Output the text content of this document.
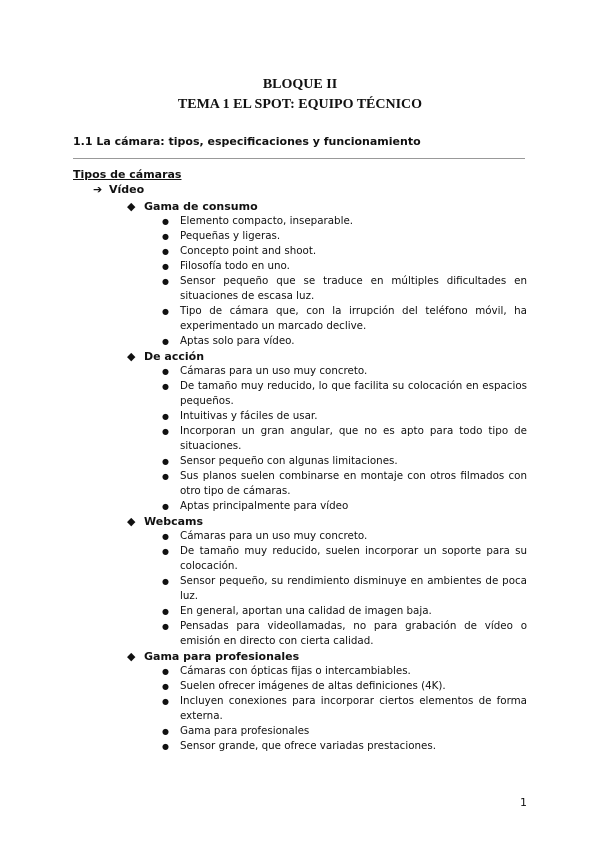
BLOQUE II
TEMA 1 EL SPOT: EQUIPO TÉCNICO
1.1 La cámara: tipos, especificaciones y funcionamiento
Tipos de cámaras
➔ Vídeo
◆ Gama de consumo
● Elemento compacto, inseparable.
● Pequeñas y ligeras.
● Concepto point and shoot.
● Filosofía todo en uno.
● Sensor pequeño que se traduce en múltiples dificultades en situaciones de escasa luz.
● Tipo de cámara que, con la irrupción del teléfono móvil, ha experimentado un marcado declive.
● Aptas solo para vídeo.
◆ De acción
● Cámaras para un uso muy concreto.
● De tamaño muy reducido, lo que facilita su colocación en espacios pequeños.
● Intuitivas y fáciles de usar.
● Incorporan un gran angular, que no es apto para todo tipo de situaciones.
● Sensor pequeño con algunas limitaciones.
● Sus planos suelen combinarse en montaje con otros filmados con otro tipo de cámaras.
● Aptas principalmente para vídeo
◆ Webcams
● Cámaras para un uso muy concreto.
● De tamaño muy reducido, suelen incorporar un soporte para su colocación.
● Sensor pequeño, su rendimiento disminuye en ambientes de poca luz.
● En general, aportan una calidad de imagen baja.
● Pensadas para videollamadas, no para grabación de vídeo o emisión en directo con cierta calidad.
◆ Gama para profesionales
● Cámaras con ópticas fijas o intercambiables.
● Suelen ofrecer imágenes de altas definiciones (4K).
● Incluyen conexiones para incorporar ciertos elementos de forma externa.
● Gama para profesionales
● Sensor grande, que ofrece variadas prestaciones.
1
